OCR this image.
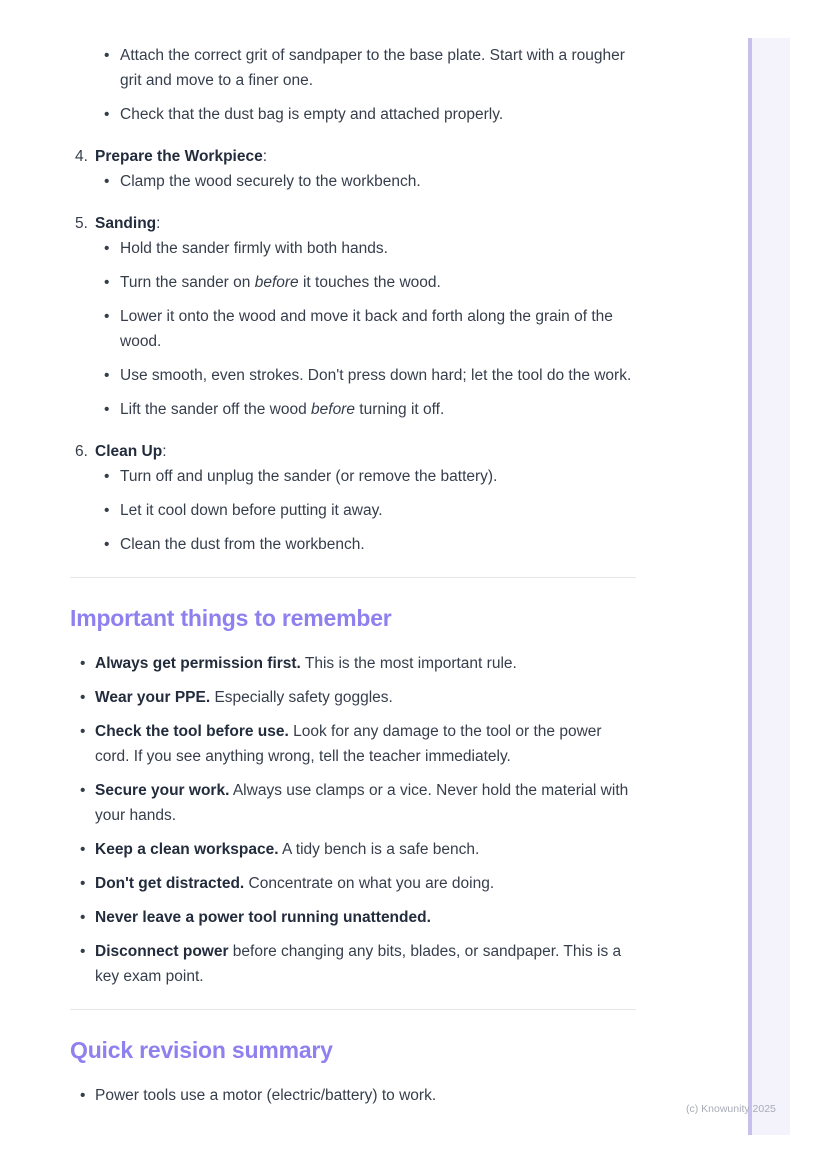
• Attach the correct grit of sandpaper to the base plate. Start with a rougher grit and move to a finer one.
• Check that the dust bag is empty and attached properly.
4. Prepare the Workpiece :
• Clamp the wood securely to the workbench.
5. Sanding :
• Hold the sander firmly with both hands.
• Turn the sander on before it touches the wood.
• Lower it onto the wood and move it back and forth along the grain of the wood.
• Use smooth, even strokes. Don't press down hard; let the tool do the work.
• Lift the sander off the wood before turning it off.
6. Clean Up :
• Turn off and unplug the sander (or remove the battery).
• Let it cool down before putting it away.
• Clean the dust from the workbench.
Important things to remember
• Always get permission first. This is the most important rule.
• Wear your PPE. Especially safety goggles.
• Check the tool before use. Look for any damage to the tool or the power cord. If you see anything wrong, tell the teacher immediately.
• Secure your work. Always use clamps or a vice. Never hold the material with your hands.
• Keep a clean workspace. A tidy bench is a safe bench.
• Don't get distracted. Concentrate on what you are doing.
• Never leave a power tool running unattended.
• Disconnect power before changing any bits, blades, or sandpaper. This is a key exam point.
Quick revision summary
• Power tools use a motor (electric/battery) to work.
(c) Knowunity 2025
